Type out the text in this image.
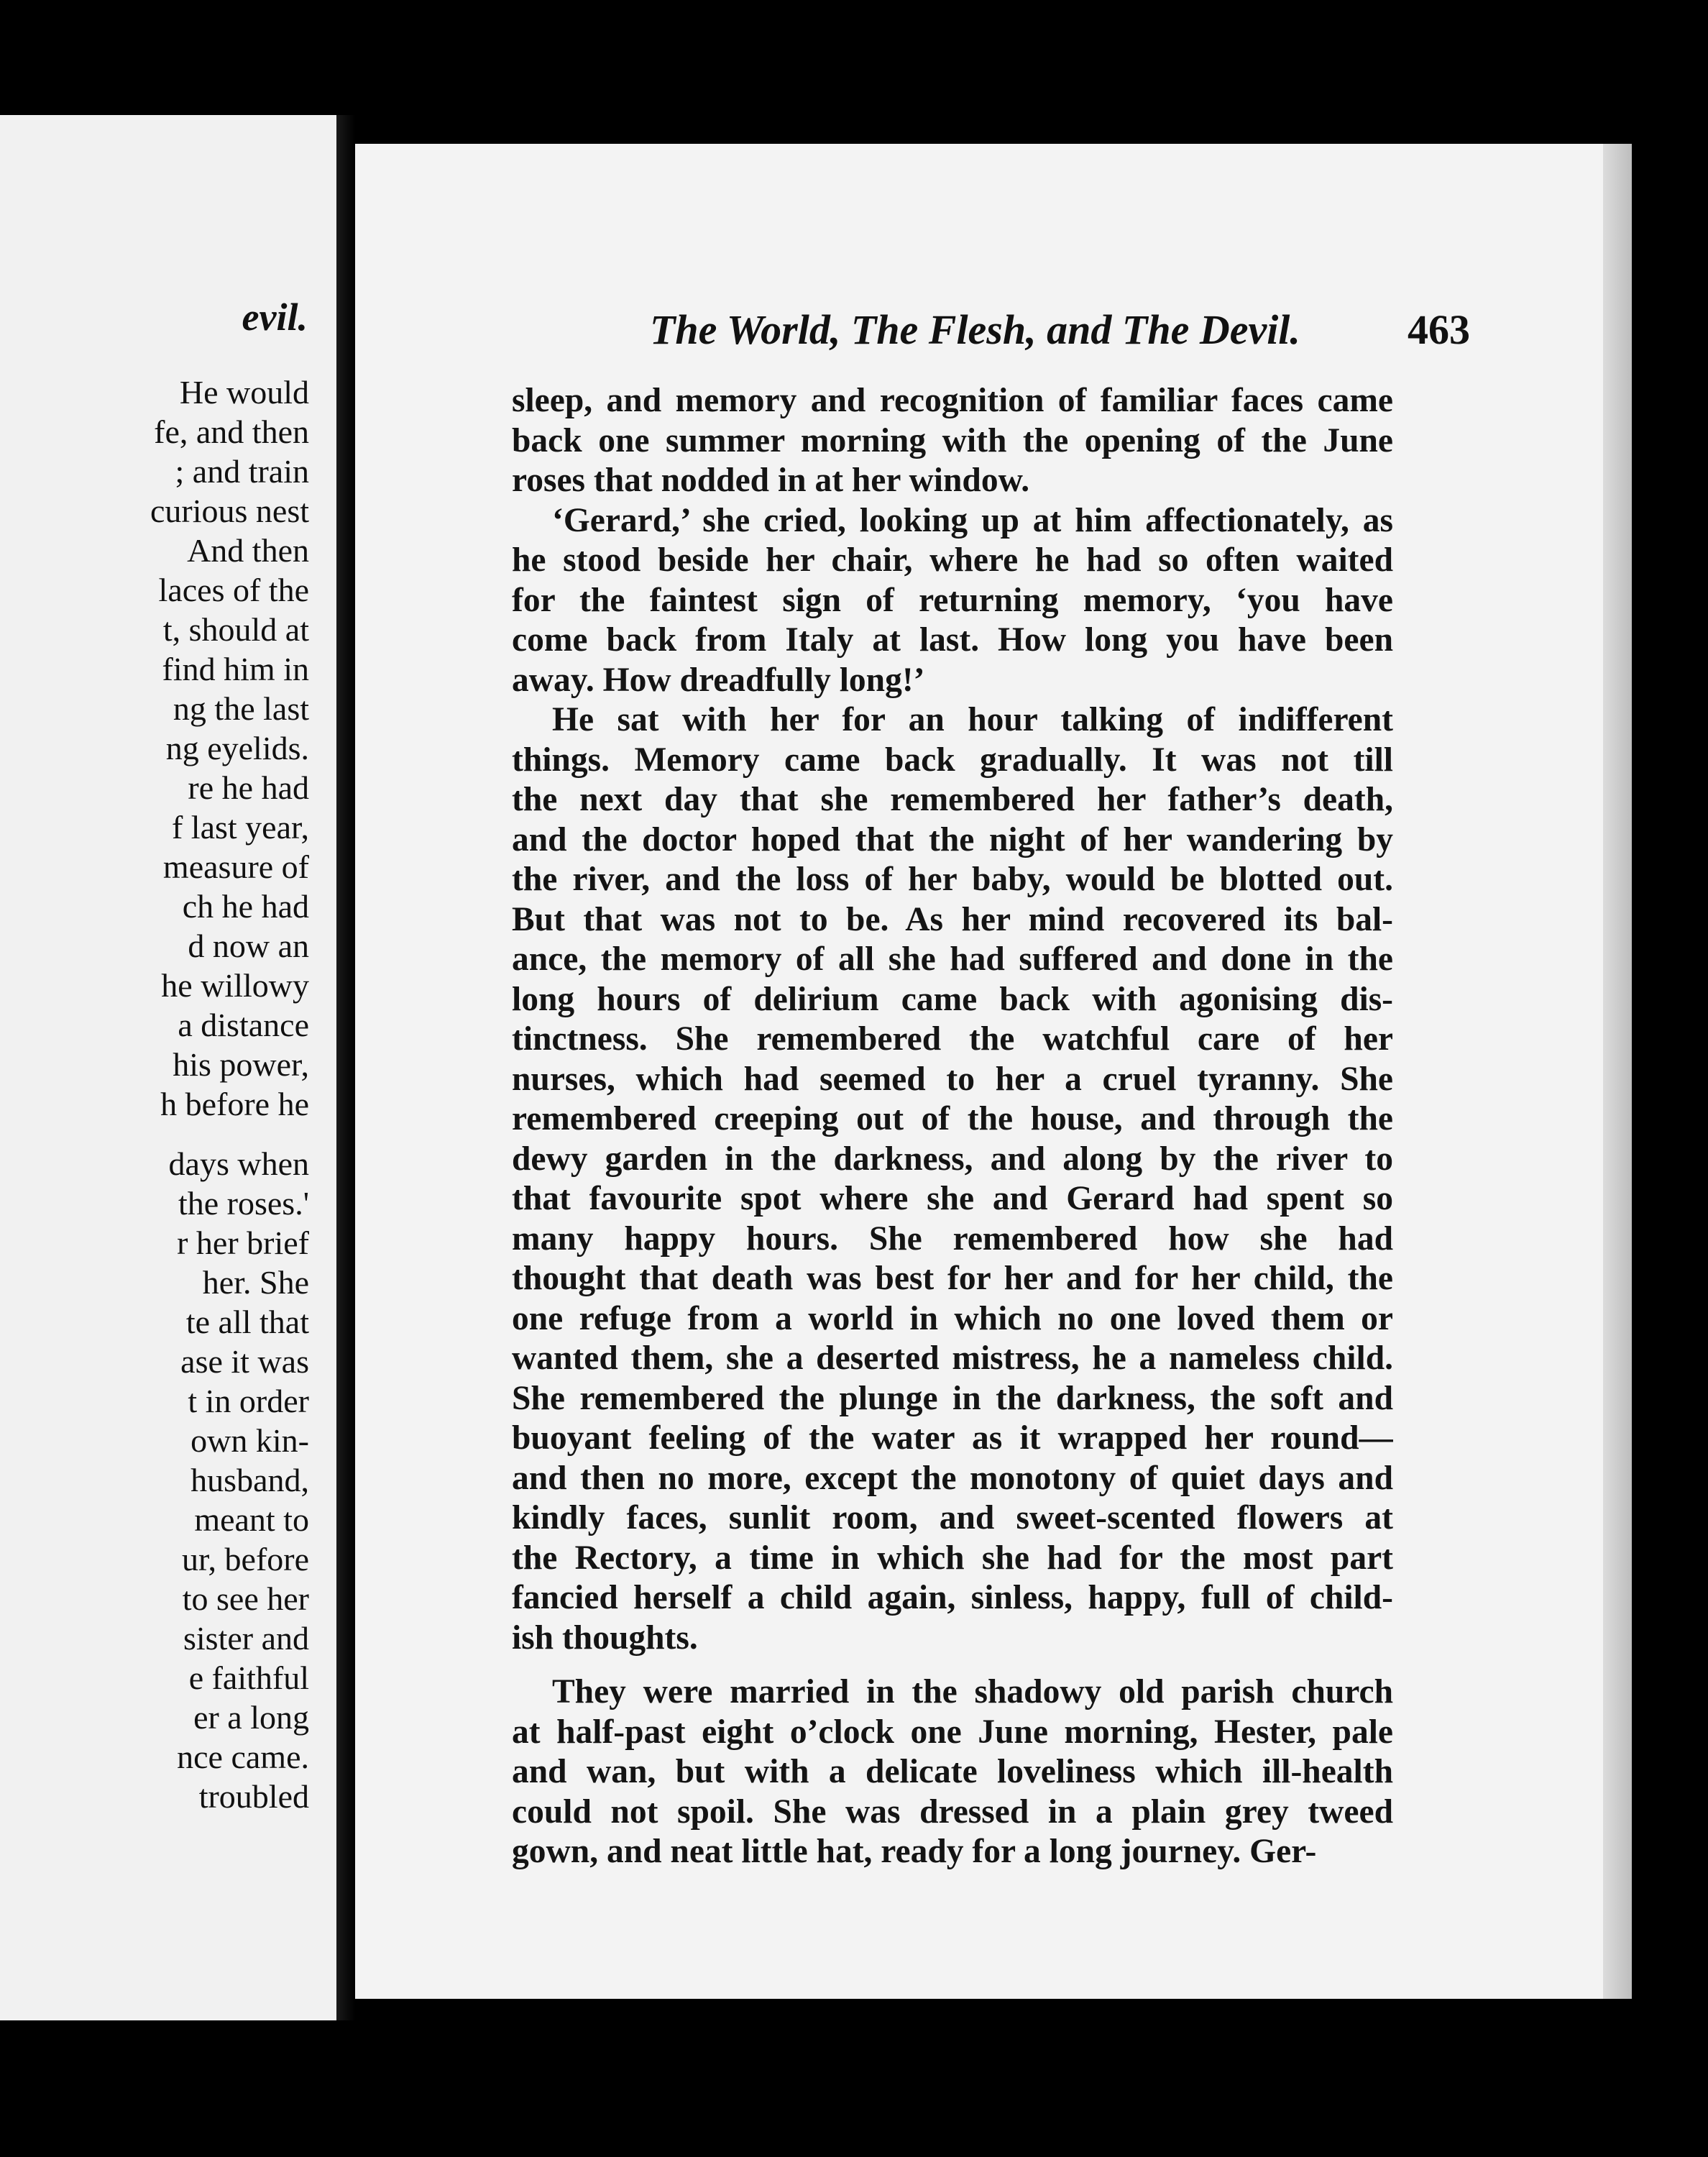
evil.
He would
fe, and then
; and train
curious nest
And then
laces of the
t, should at
find him in
ng the last
ng eyelids.
re he had
f last year,
measure of
ch he had
d now an
he willowy
a distance
his power,
h before he
days when
the roses.'
r her brief
her. She
te all that
ase it was
t in order
own kin-
husband,
meant to
ur, before
to see her
sister and
e faithful
er a long
nce came.
troubled
The World, The Flesh, and The Devil.	463
sleep, and memory and recognition of familiar faces came
back one summer morning with the opening of the June
roses that nodded in at her window.
‘Gerard,’ she cried, looking up at him affectionately, as
he stood beside her chair, where he had so often waited
for the faintest sign of returning memory, ‘you have
come back from Italy at last. How long you have been
away. How dreadfully long!’
He sat with her for an hour talking of indifferent
things. Memory came back gradually. It was not till
the next day that she remembered her father’s death,
and the doctor hoped that the night of her wandering by
the river, and the loss of her baby, would be blotted out.
But that was not to be. As her mind recovered its bal-
ance, the memory of all she had suffered and done in the
long hours of delirium came back with agonising dis-
tinctness. She remembered the watchful care of her
nurses, which had seemed to her a cruel tyranny. She
remembered creeping out of the house, and through the
dewy garden in the darkness, and along by the river to
that favourite spot where she and Gerard had spent so
many happy hours. She remembered how she had
thought that death was best for her and for her child, the
one refuge from a world in which no one loved them or
wanted them, she a deserted mistress, he a nameless child.
She remembered the plunge in the darkness, the soft and
buoyant feeling of the water as it wrapped her round—
and then no more, except the monotony of quiet days and
kindly faces, sunlit room, and sweet-scented flowers at
the Rectory, a time in which she had for the most part
fancied herself a child again, sinless, happy, full of child-
ish thoughts.
They were married in the shadowy old parish church
at half-past eight o’clock one June morning, Hester, pale
and wan, but with a delicate loveliness which ill-health
could not spoil. She was dressed in a plain grey tweed
gown, and neat little hat, ready for a long journey. Ger-
